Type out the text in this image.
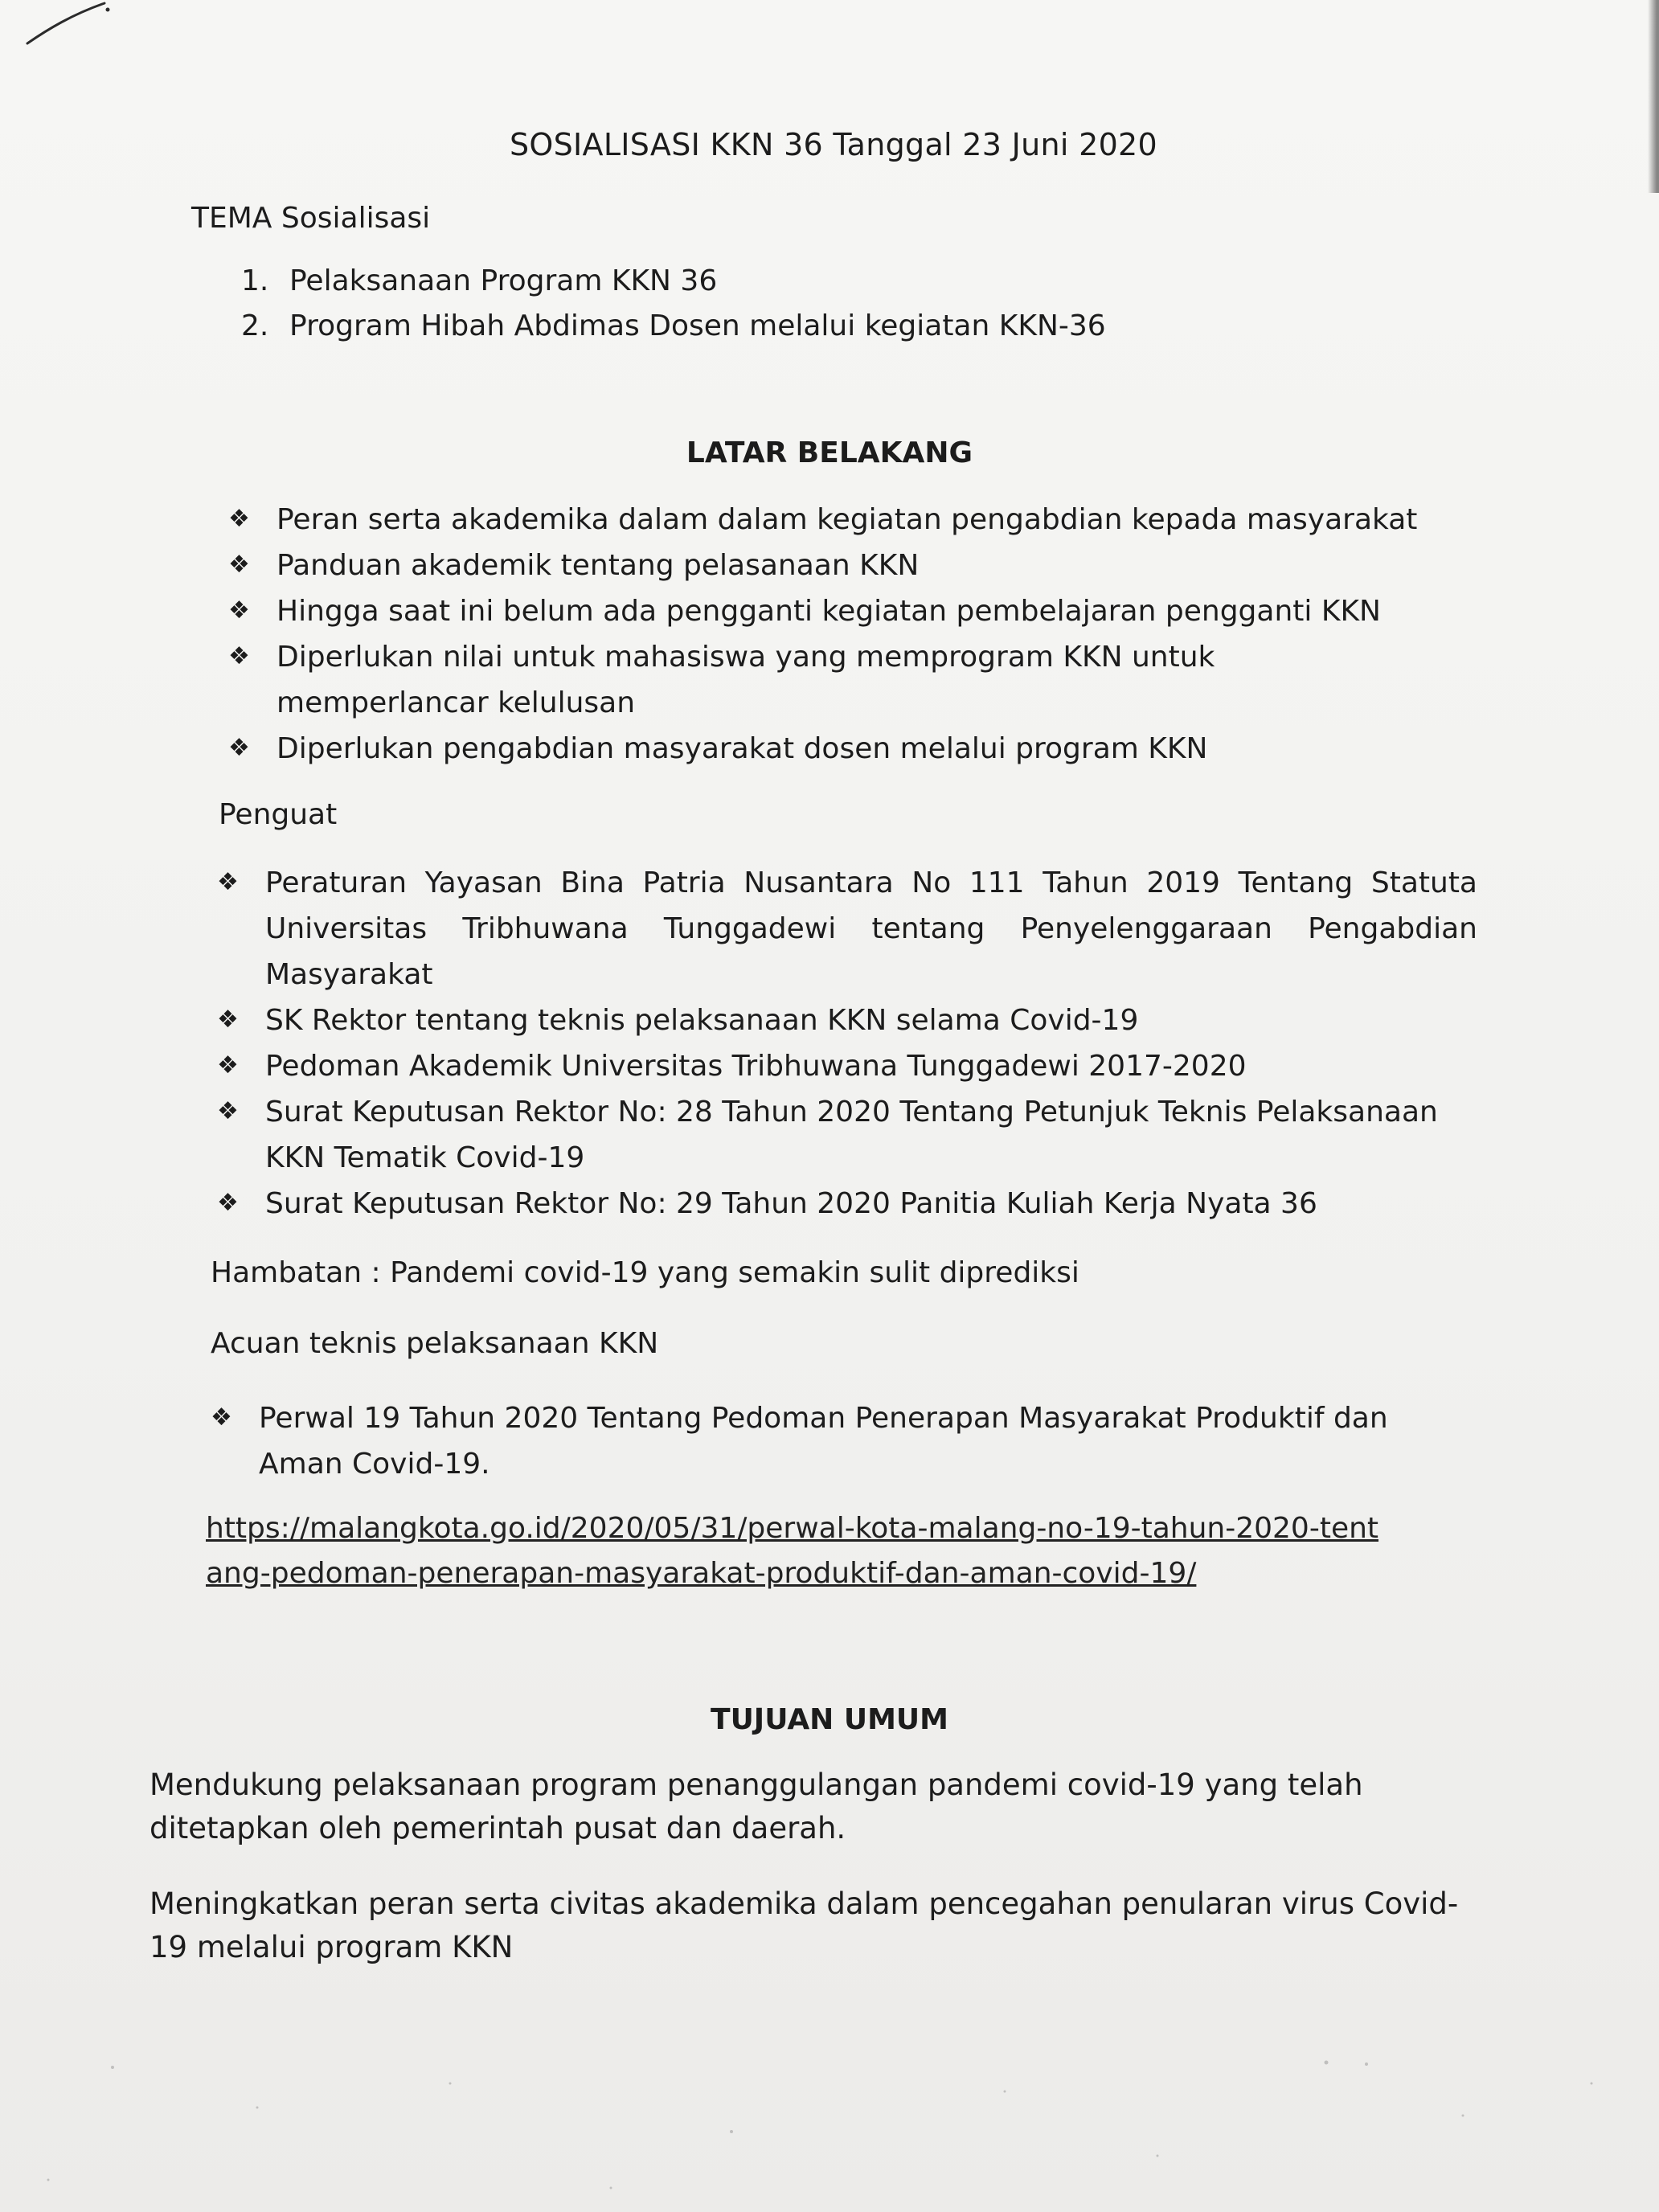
SOSIALISASI KKN 36 Tanggal 23 Juni 2020
TEMA Sosialisasi
1. Pelaksanaan Program KKN 36
2. Program Hibah Abdimas Dosen melalui kegiatan KKN-36
LATAR BELAKANG
❖ Peran serta akademika dalam dalam kegiatan pengabdian kepada masyarakat
❖ Panduan akademik tentang pelasanaan KKN
❖ Hingga saat ini belum ada pengganti kegiatan pembelajaran pengganti KKN
❖ Diperlukan nilai untuk mahasiswa yang memprogram KKN untuk memperlancar kelulusan
❖ Diperlukan pengabdian masyarakat dosen melalui program KKN
Penguat
❖ Peraturan Yayasan Bina Patria Nusantara No 111 Tahun 2019 Tentang Statuta Universitas Tribhuwana Tunggadewi tentang Penyelenggaraan Pengabdian Masyarakat
❖ SK Rektor tentang teknis pelaksanaan KKN selama Covid-19
❖ Pedoman Akademik Universitas Tribhuwana Tunggadewi 2017-2020
❖ Surat Keputusan Rektor No: 28 Tahun 2020 Tentang Petunjuk Teknis Pelaksanaan KKN Tematik Covid-19
❖ Surat Keputusan Rektor No: 29 Tahun 2020 Panitia Kuliah Kerja Nyata 36
Hambatan : Pandemi covid-19 yang semakin sulit diprediksi
Acuan teknis pelaksanaan KKN
❖ Perwal 19 Tahun 2020 Tentang Pedoman Penerapan Masyarakat Produktif dan Aman Covid-19.
https://malangkota.go.id/2020/05/31/perwal-kota-malang-no-19-tahun-2020-tentang-pedoman-penerapan-masyarakat-produktif-dan-aman-covid-19/
TUJUAN UMUM
Mendukung pelaksanaan program penanggulangan pandemi covid-19 yang telah ditetapkan oleh pemerintah pusat dan daerah.
Meningkatkan peran serta civitas akademika dalam pencegahan penularan virus Covid-19 melalui program KKN
